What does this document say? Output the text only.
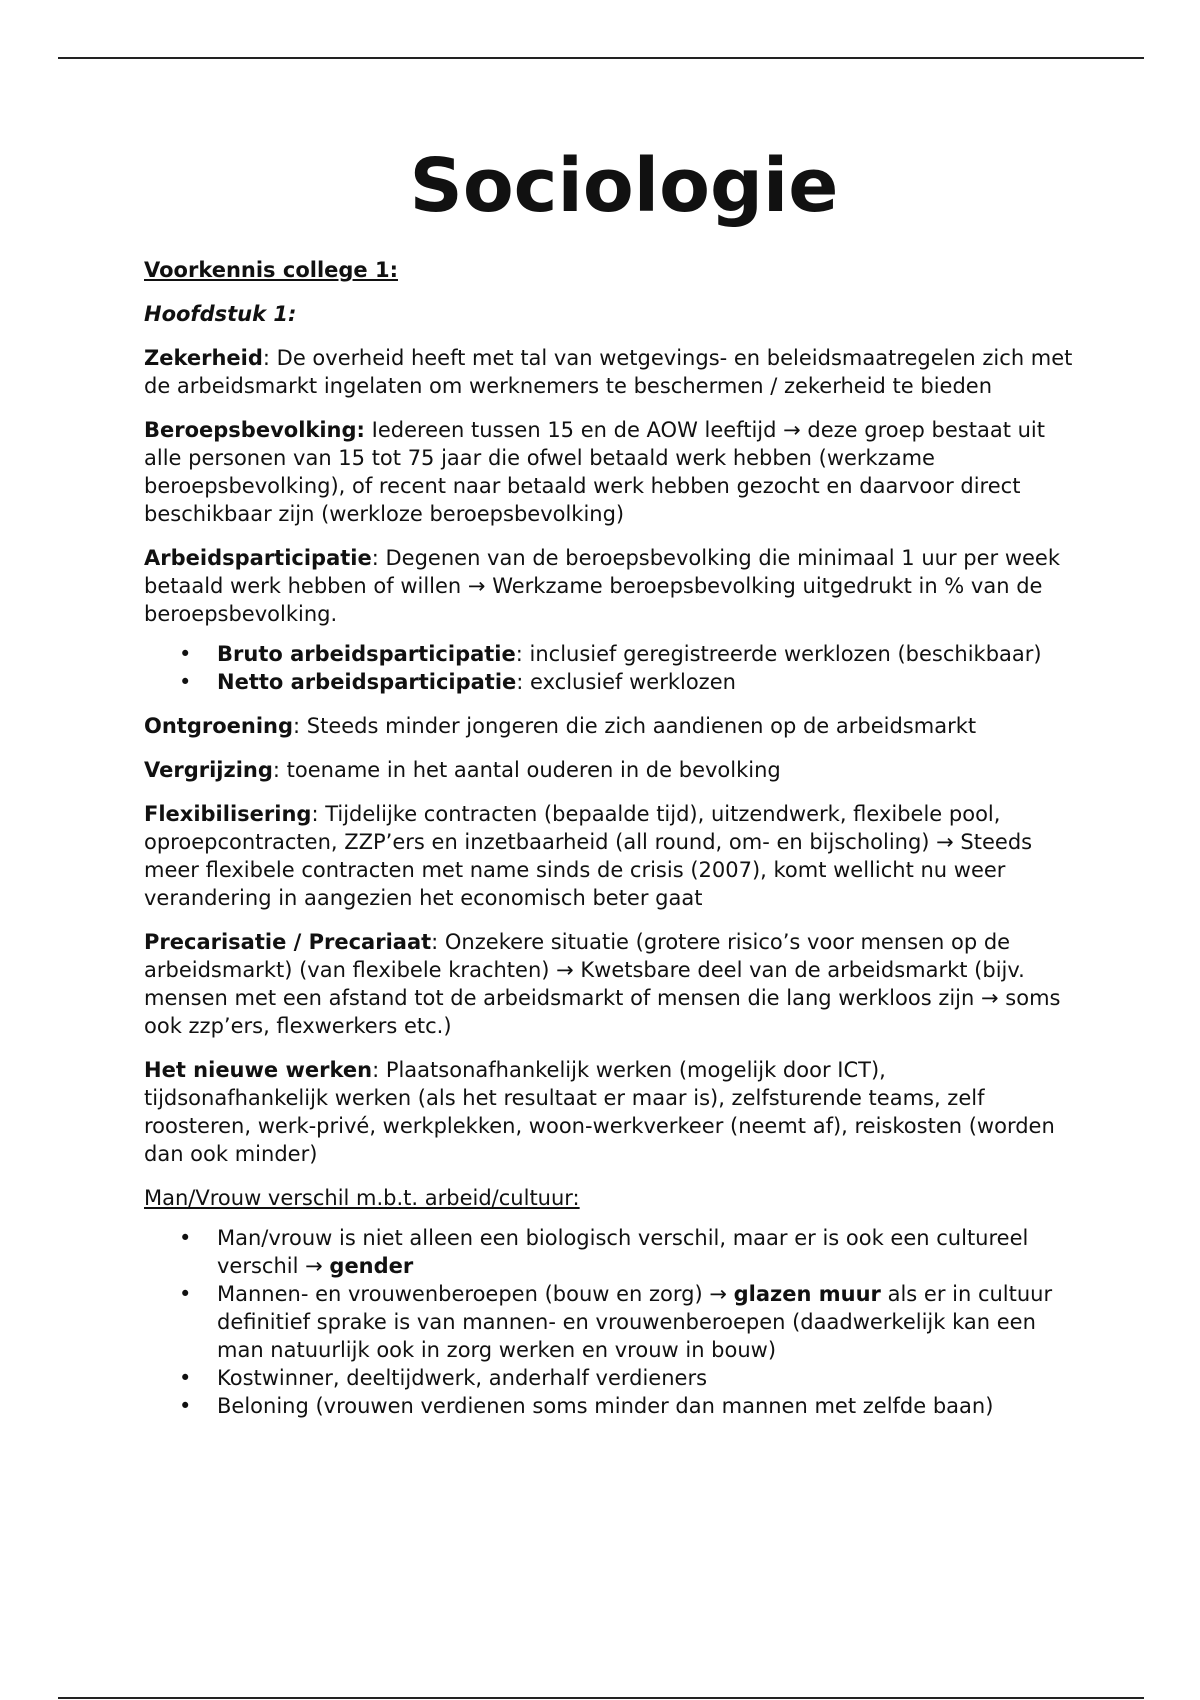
Sociologie
Voorkennis college 1:
Hoofdstuk 1:

Zekerheid: De overheid heeft met tal van wetgevings- en beleidsmaatregelen zich met de arbeidsmarkt ingelaten om werknemers te beschermen / zekerheid te bieden

Beroepsbevolking: Iedereen tussen 15 en de AOW leeftijd → deze groep bestaat uit alle personen van 15 tot 75 jaar die ofwel betaald werk hebben (werkzame beroepsbevolking), of recent naar betaald werk hebben gezocht en daarvoor direct beschikbaar zijn (werkloze beroepsbevolking)

Arbeidsparticipatie: Degenen van de beroepsbevolking die minimaal 1 uur per week betaald werk hebben of willen → Werkzame beroepsbevolking uitgedrukt in % van de beroepsbevolking.

• Bruto arbeidsparticipatie: inclusief geregistreerde werklozen (beschikbaar)
• Netto arbeidsparticipatie: exclusief werklozen

Ontgroening: Steeds minder jongeren die zich aandienen op de arbeidsmarkt

Vergrijzing: toename in het aantal ouderen in de bevolking

Flexibilisering: Tijdelijke contracten (bepaalde tijd), uitzendwerk, flexibele pool, oproepcontracten, ZZP’ers en inzetbaarheid (all round, om- en bijscholing) → Steeds meer flexibele contracten met name sinds de crisis (2007), komt wellicht nu weer verandering in aangezien het economisch beter gaat

Precarisatie / Precariaat: Onzekere situatie (grotere risico’s voor mensen op de arbeidsmarkt) (van flexibele krachten) → Kwetsbare deel van de arbeidsmarkt (bijv. mensen met een afstand tot de arbeidsmarkt of mensen die lang werkloos zijn → soms ook zzp’ers, flexwerkers etc.)

Het nieuwe werken: Plaatsonafhankelijk werken (mogelijk door ICT), tijdsonafhankelijk werken (als het resultaat er maar is), zelfsturende teams, zelf roosteren, werk-privé, werkplekken, woon-werkverkeer (neemt af), reiskosten (worden dan ook minder)

Man/Vrouw verschil m.b.t. arbeid/cultuur:
• Man/vrouw is niet alleen een biologisch verschil, maar er is ook een cultureel verschil → gender
• Mannen- en vrouwenberoepen (bouw en zorg) → glazen muur als er in cultuur definitief sprake is van mannen- en vrouwenberoepen (daadwerkelijk kan een man natuurlijk ook in zorg werken en vrouw in bouw)
• Kostwinner, deeltijdwerk, anderhalf verdieners
• Beloning (vrouwen verdienen soms minder dan mannen met zelfde baan)
